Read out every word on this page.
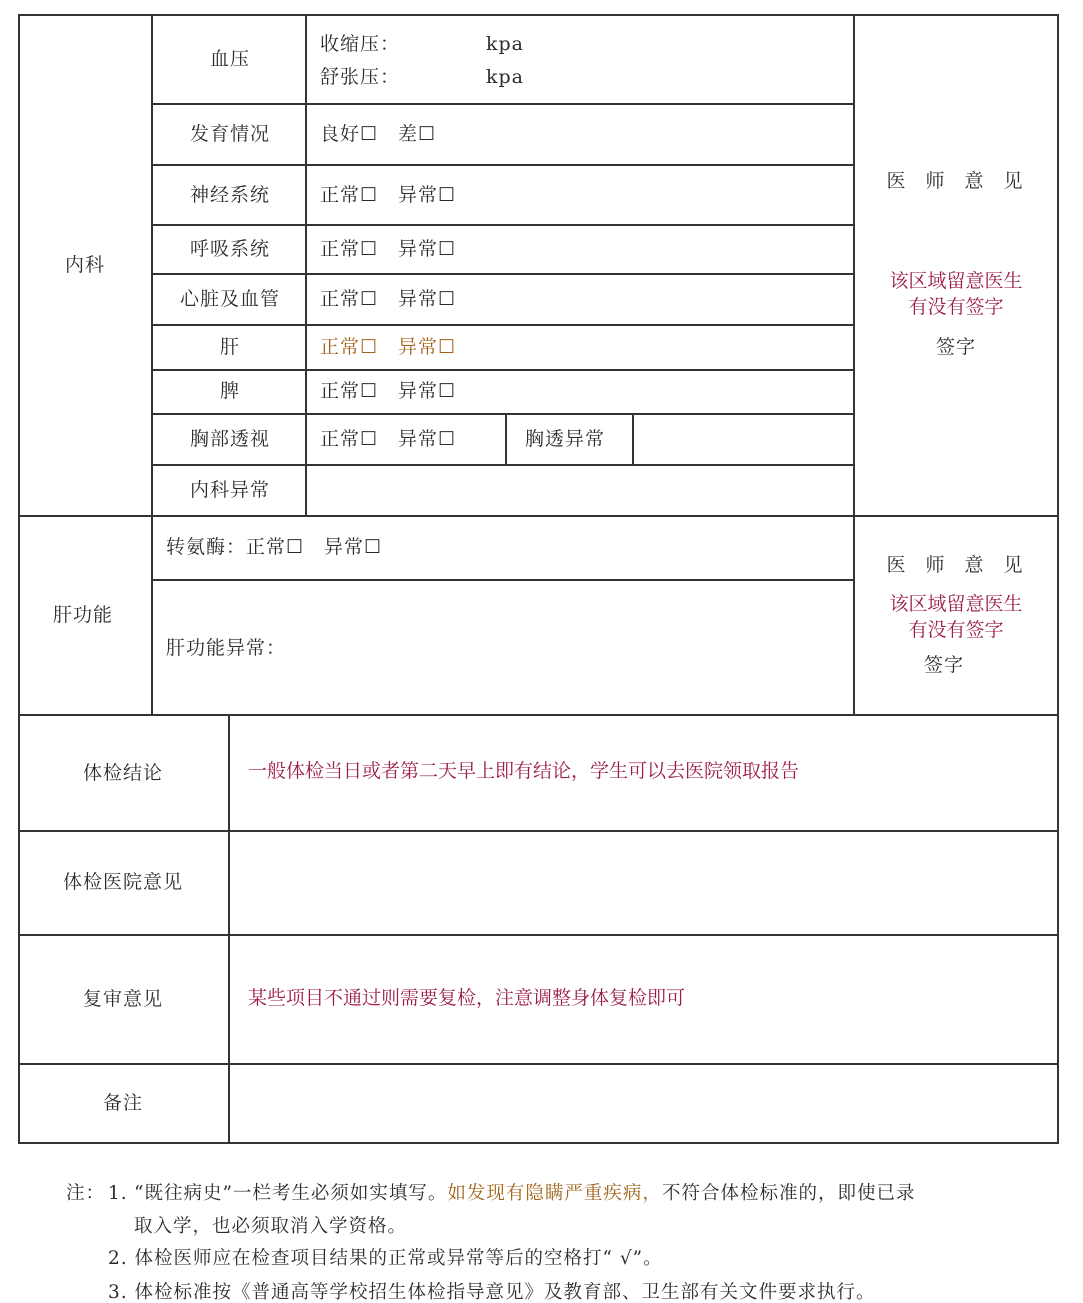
内科
血压
收缩压：	kpa
舒张压：	kpa
发育情况	良好☐　差☐
神经系统	正常☐　异常☐
呼吸系统	正常☐　异常☐
心脏及血管 正常☐　异常☐
肝	正常☐　异常☐
脾	正常☐　异常☐
胸部透视	正常☐　异常☐	胸透异常
内科异常
医 师 意 见
该区域留意医生
有没有签字
签字
肝功能
转氨酶：正常☐　异常☐
肝功能异常：
医 师 意 见
该区域留意医生
有没有签字
签字
体检结论	一般体检当日或者第二天早上即有结论，学生可以去医院领取报告
体检医院意见
复审意见	某些项目不通过则需要复检，注意调整身体复检即可
备注
注： 1. “既往病史”一栏考生必须如实填写。如发现有隐瞒严重疾病，不符合体检标准的，即使已录
取入学，也必须取消入学资格。
2. 体检医师应在检查项目结果的正常或异常等后的空格打“ √”。
3. 体检标准按《普通高等学校招生体检指导意见》及教育部、卫生部有关文件要求执行。
